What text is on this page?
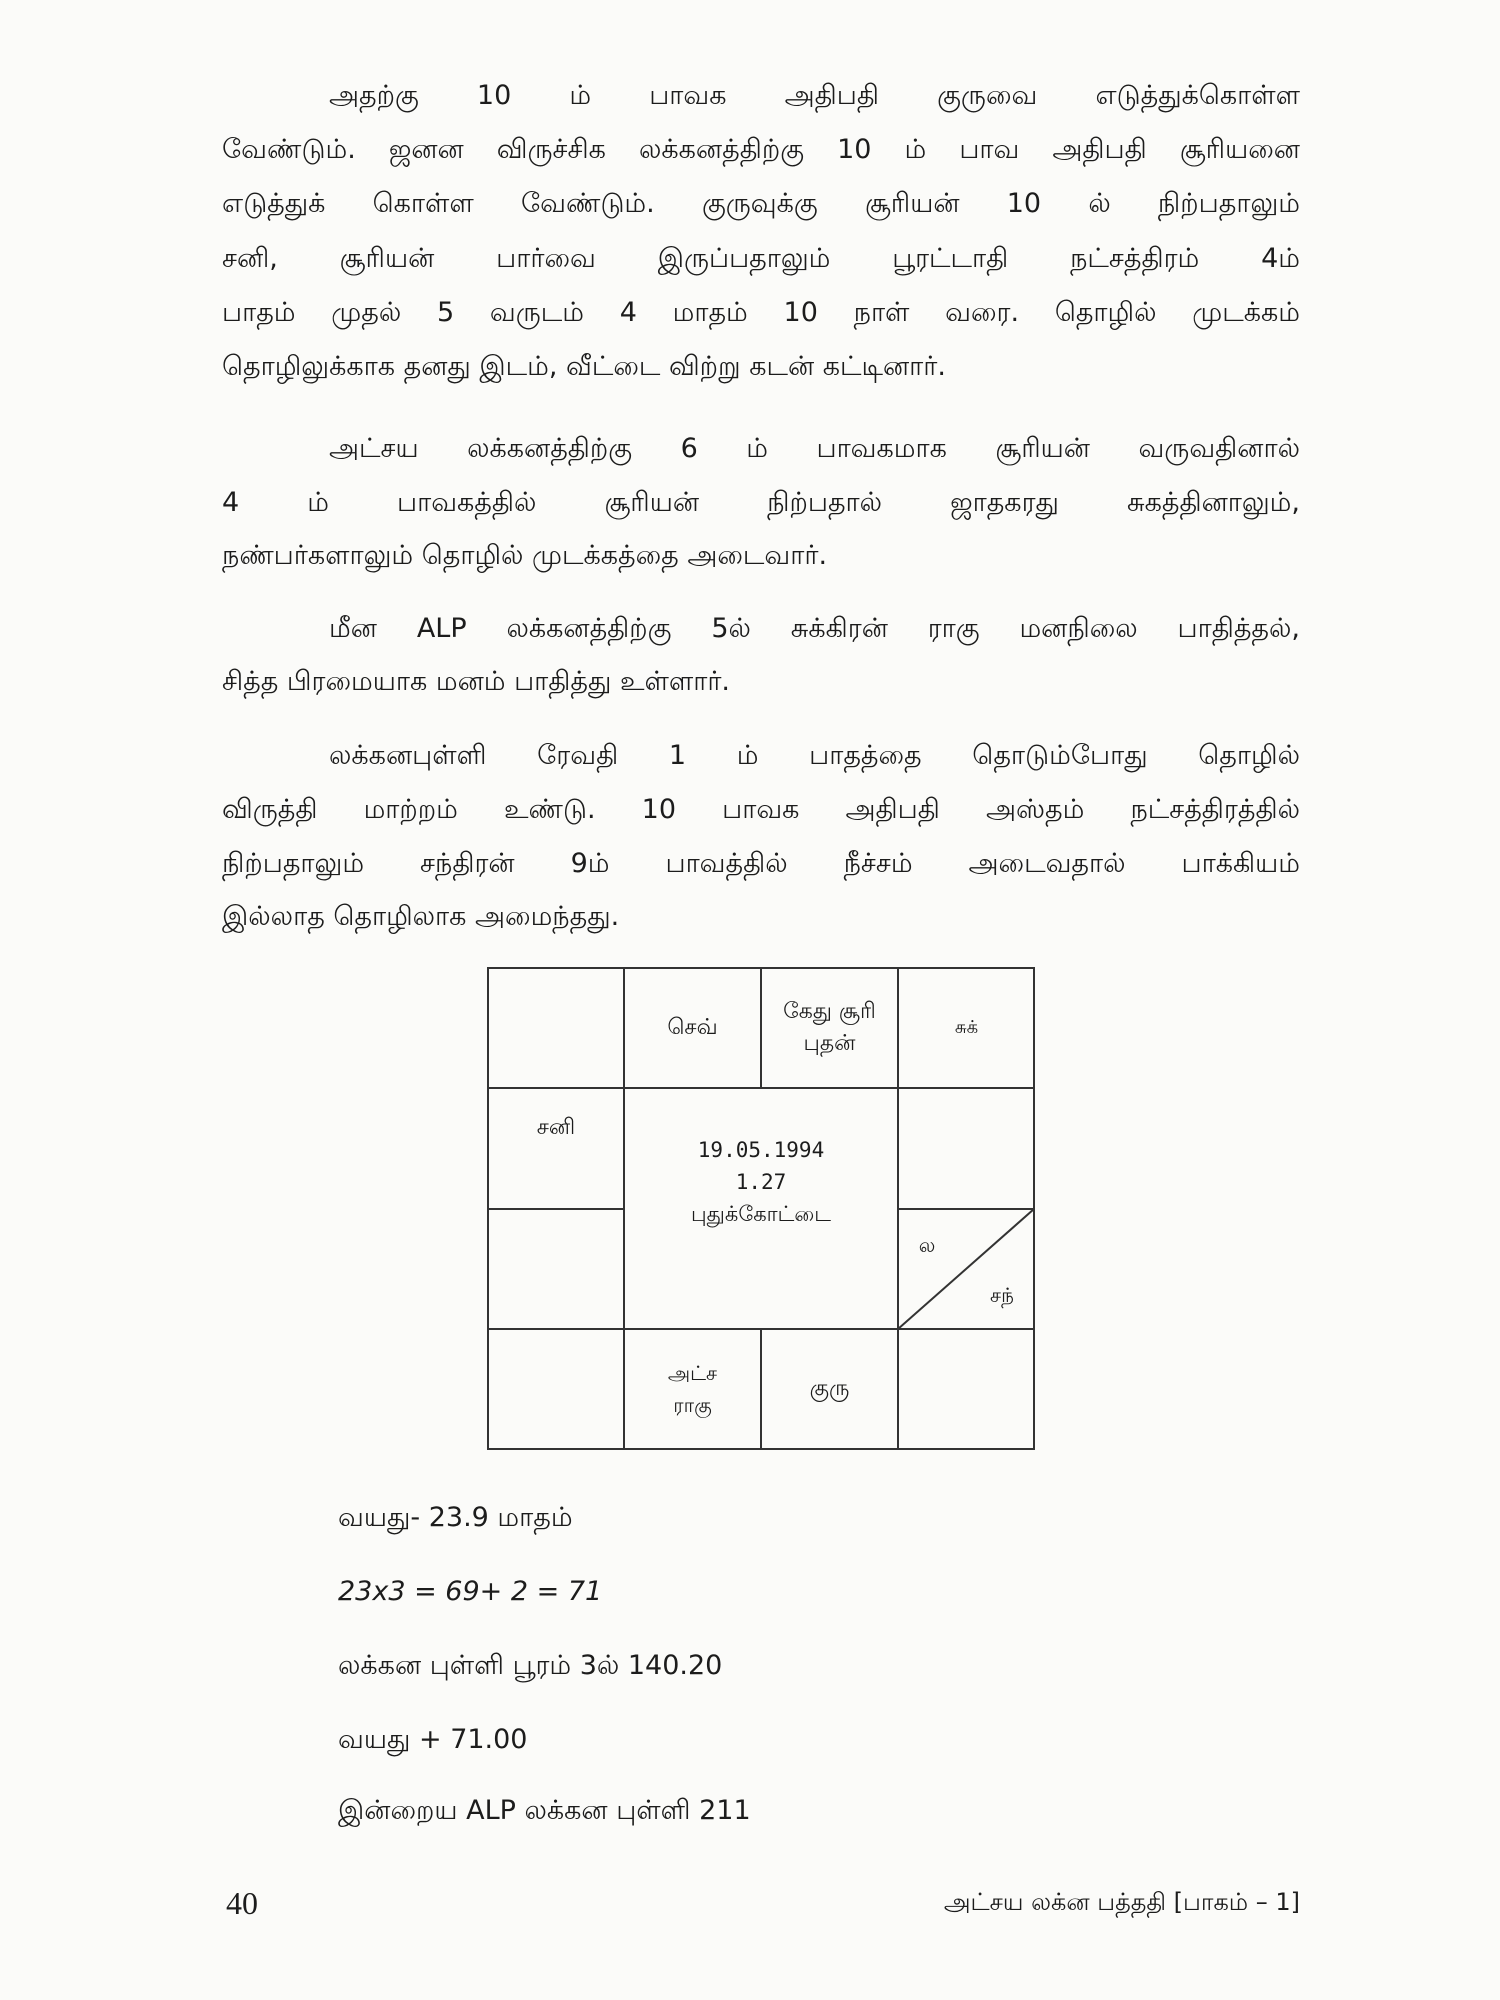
அதற்கு 10 ம் பாவக அதிபதி குருவை எடுத்துக்கொள்ள
வேண்டும். ஜனன விருச்சிக லக்கனத்திற்கு 10 ம் பாவ அதிபதி சூரியனை
எடுத்துக் கொள்ள வேண்டும். குருவுக்கு சூரியன் 10 ல் நிற்பதாலும்
சனி, சூரியன் பார்வை இருப்பதாலும் பூரட்டாதி நட்சத்திரம் 4ம்
பாதம் முதல் 5 வருடம் 4 மாதம் 10 நாள் வரை. தொழில் முடக்கம்
தொழிலுக்காக தனது இடம், வீட்டை விற்று கடன் கட்டினார்.
அட்சய லக்கனத்திற்கு 6 ம் பாவகமாக சூரியன் வருவதினால்
4 ம் பாவகத்தில் சூரியன் நிற்பதால் ஜாதகரது சுகத்தினாலும்,
நண்பர்களாலும் தொழில் முடக்கத்தை அடைவார்.
மீன ALP லக்கனத்திற்கு 5ல் சுக்கிரன் ராகு மனநிலை பாதித்தல்,
சித்த பிரமையாக மனம் பாதித்து உள்ளார்.
லக்கனபுள்ளி ரேவதி 1 ம் பாதத்தை தொடும்போது தொழில்
விருத்தி மாற்றம் உண்டு. 10 பாவக அதிபதி அஸ்தம் நட்சத்திரத்தில்
நிற்பதாலும் சந்திரன் 9ம் பாவத்தில் நீச்சம் அடைவதால் பாக்கியம்
இல்லாத தொழிலாக அமைந்தது.
செவ்
கேது சூரி
புதன்
சுக்
சனி
19.05.1994
1.27
புதுக்கோட்டை
ல
சந்
அட்ச
ராகு
குரு
வயது- 23.9 மாதம்
23x3 = 69+ 2 = 71
லக்கன புள்ளி பூரம் 3ல் 140.20
வயது + 71.00
இன்றைய ALP லக்கன புள்ளி 211
40	அட்சய லக்ன பத்ததி [பாகம் – 1]
